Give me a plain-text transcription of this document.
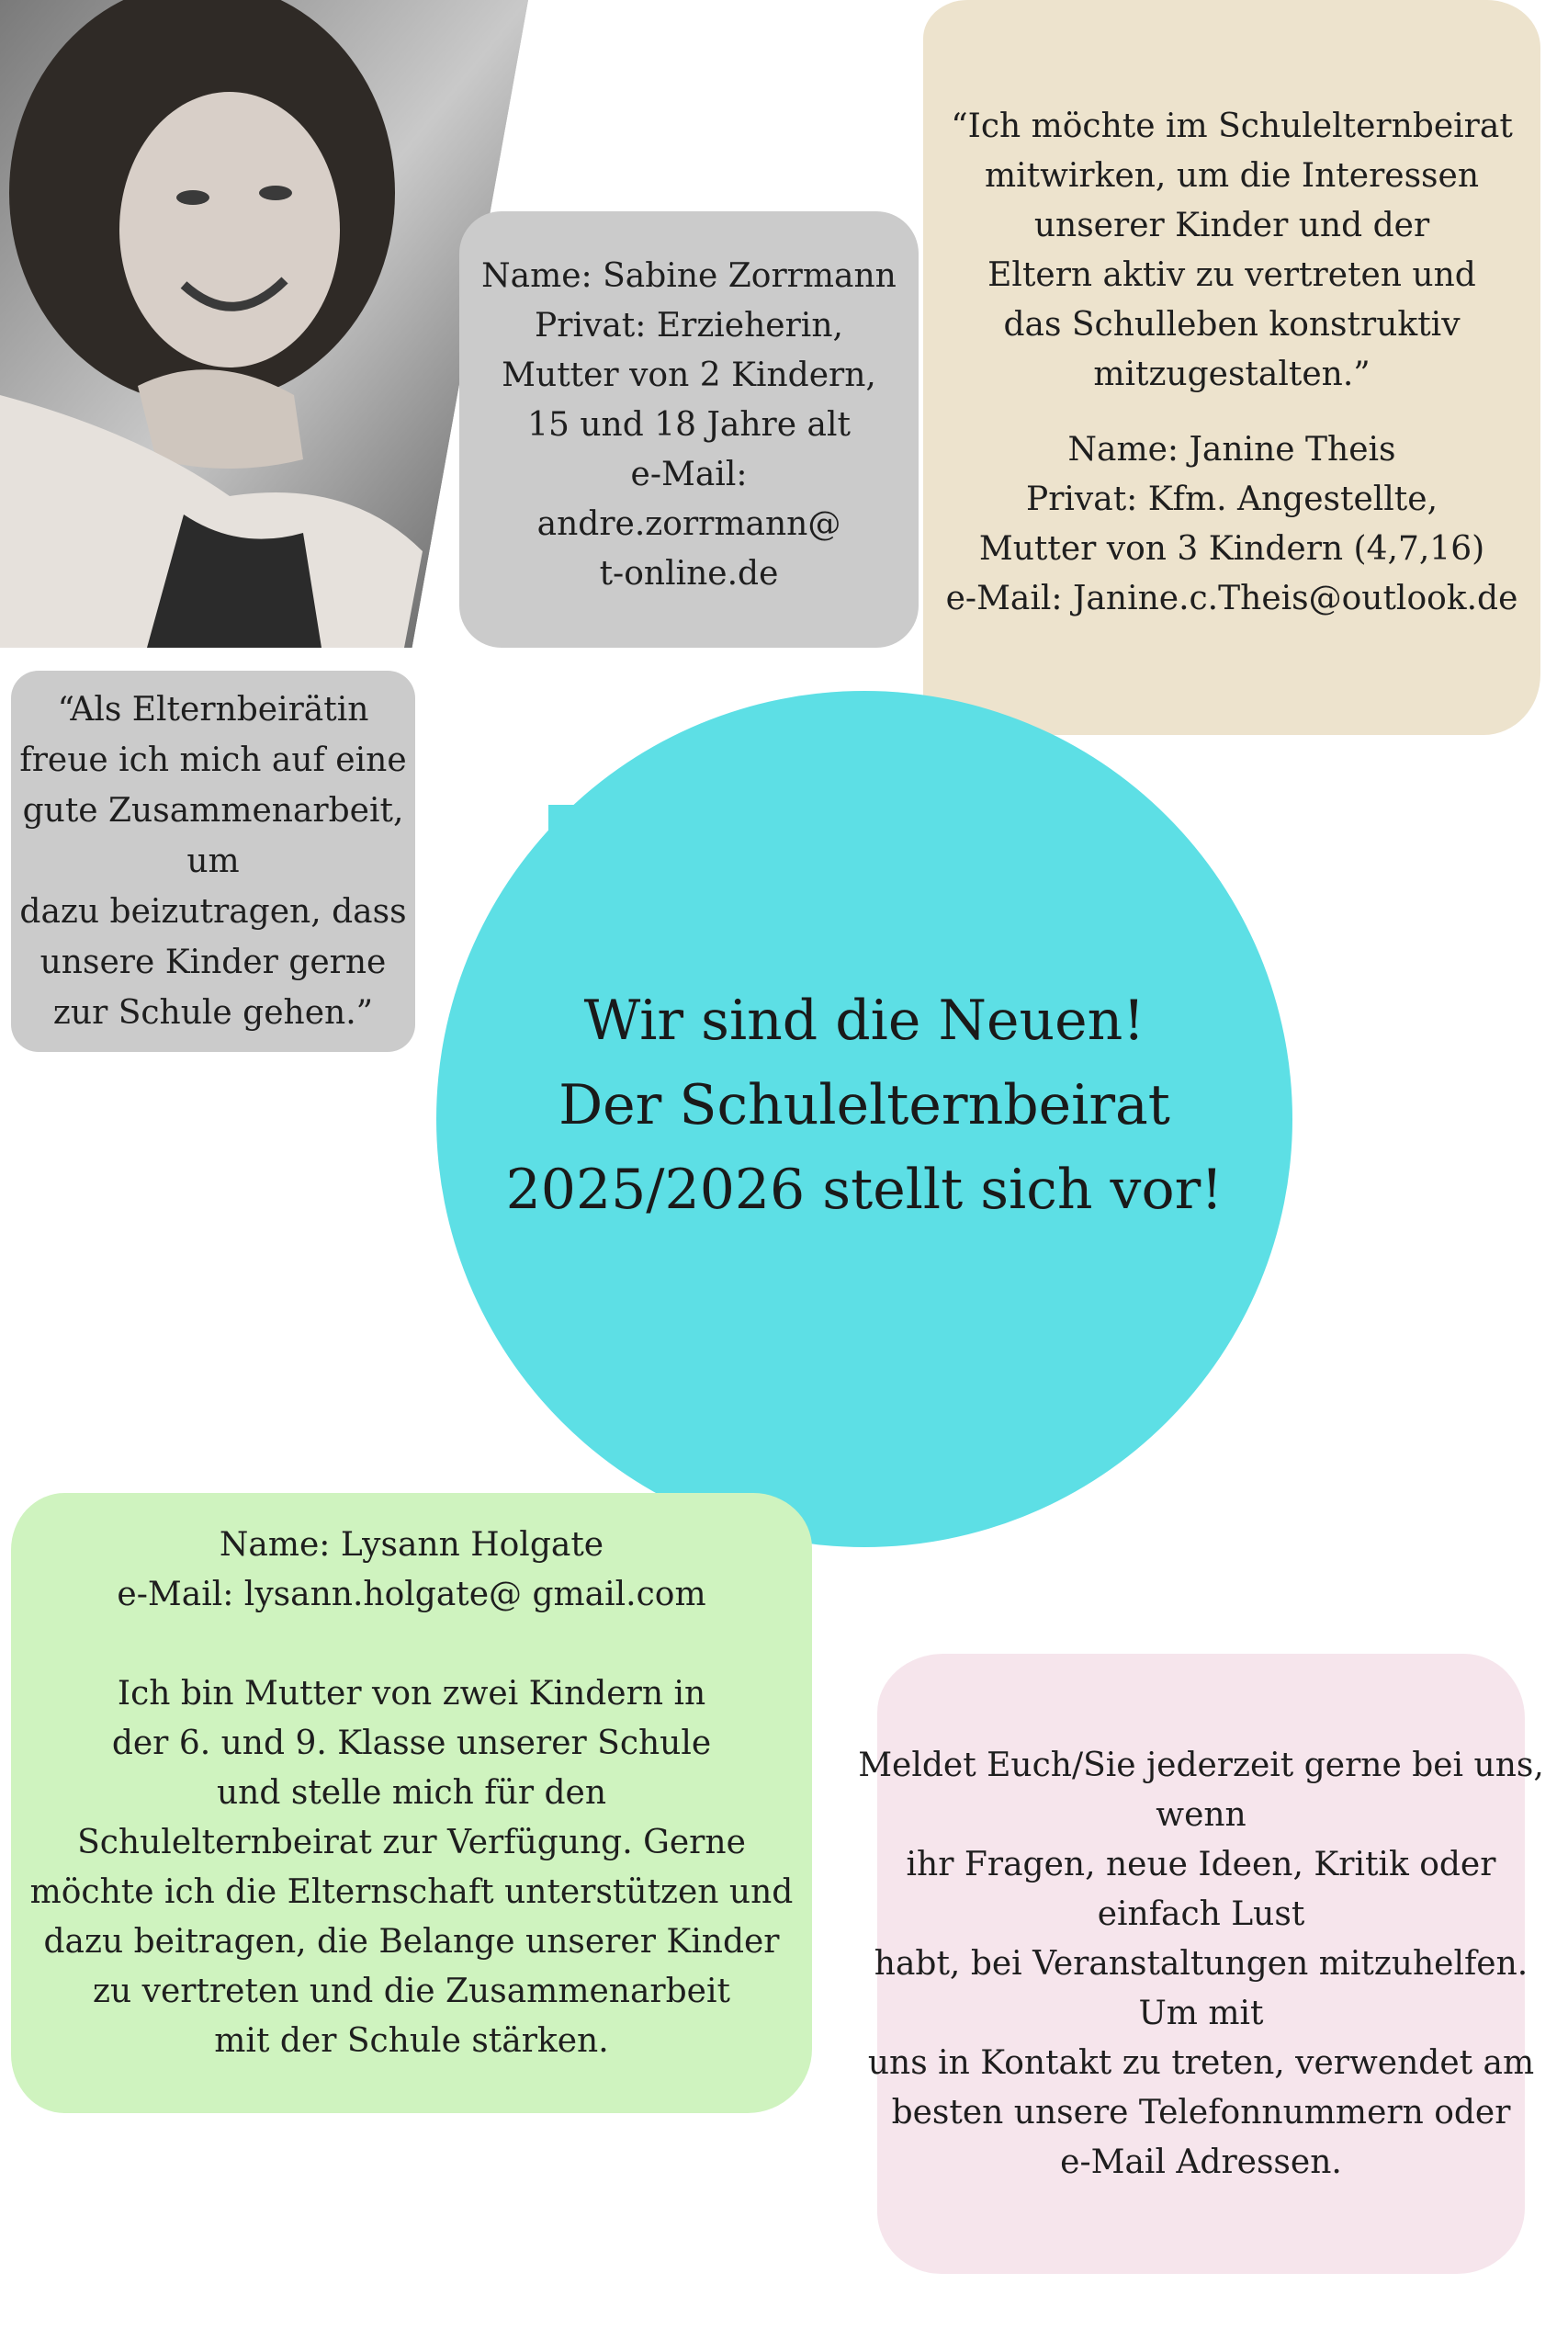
Name: Sabine Zorrmann
Privat: Erzieherin,
Mutter von 2 Kindern,
15 und 18 Jahre alt
e-Mail:
andre.zorrmann@
t-online.de
“Ich möchte im Schulelternbeirat
mitwirken, um die Interessen
unserer Kinder und der
Eltern aktiv zu vertreten und
das Schulleben konstruktiv
mitzugestalten.”
Name: Janine Theis
Privat: Kfm. Angestellte,
Mutter von 3 Kindern (4,7,16)
e-Mail: Janine.c.Theis@outlook.de
“Als Elternbeirätin
freue ich mich auf eine
gute Zusammenarbeit,
um
dazu beizutragen, dass
unsere Kinder gerne
zur Schule gehen.”	Wir sind die Neuen!
Der Schulelternbeirat
2025/2026 stellt sich vor!
Name: Lysann Holgate
e-Mail: lysann.holgate@ gmail.com
Ich bin Mutter von zwei Kindern in
der 6. und 9. Klasse unserer Schule
und stelle mich für den
Schulelternbeirat zur Verfügung. Gerne
möchte ich die Elternschaft unterstützen und
dazu beitragen, die Belange unserer Kinder
zu vertreten und die Zusammenarbeit
mit der Schule stärken.
Meldet Euch/Sie jederzeit gerne bei uns,
wenn
ihr Fragen, neue Ideen, Kritik oder
einfach Lust
habt, bei Veranstaltungen mitzuhelfen.
Um mit
uns in Kontakt zu treten, verwendet am
besten unsere Telefonnummern oder
e-Mail Adressen.
